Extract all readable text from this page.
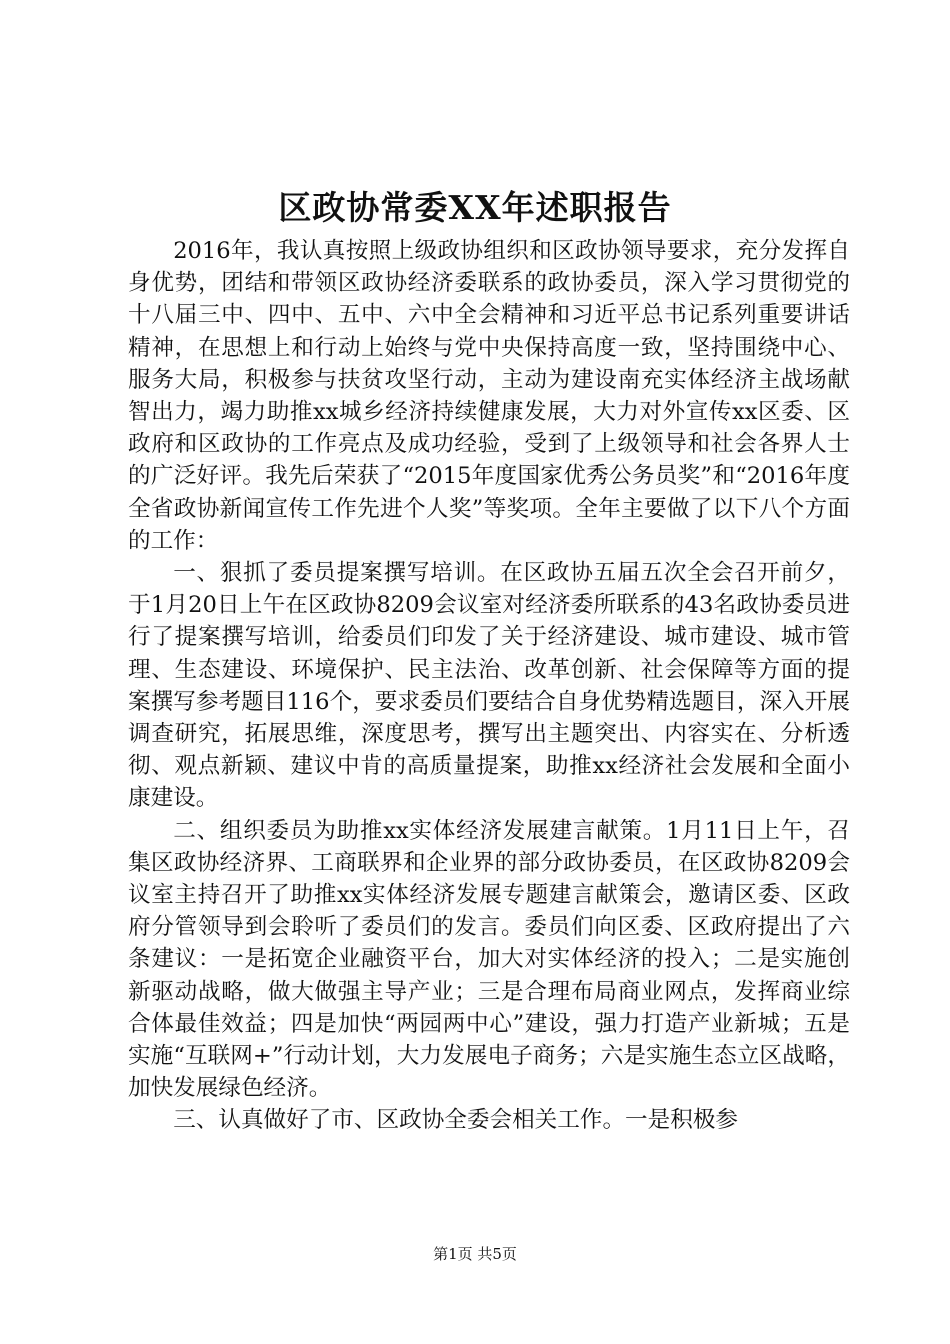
区政协常委XX年述职报告

2016年，我认真按照上级政协组织和区政协领导要求，充分发挥自身优势，团结和带领区政协经济委联系的政协委员，深入学习贯彻党的十八届三中、四中、五中、六中全会精神和习近平总书记系列重要讲话精神，在思想上和行动上始终与党中央保持高度一致，坚持围绕中心、服务大局，积极参与扶贫攻坚行动，主动为建设南充实体经济主战场献智出力，竭力助推xx城乡经济持续健康发展，大力对外宣传xx区委、区政府和区政协的工作亮点及成功经验，受到了上级领导和社会各界人士的广泛好评。我先后荣获了“2015年度国家优秀公务员奖”和“2016年度全省政协新闻宣传工作先进个人奖”等奖项。全年主要做了以下八个方面的工作：

一、狠抓了委员提案撰写培训。在区政协五届五次全会召开前夕，于1月20日上午在区政协8209会议室对经济委所联系的43名政协委员进行了提案撰写培训，给委员们印发了关于经济建设、城市建设、城市管理、生态建设、环境保护、民主法治、改革创新、社会保障等方面的提案撰写参考题目116个，要求委员们要结合自身优势精选题目，深入开展调查研究，拓展思维，深度思考，撰写出主题突出、内容实在、分析透彻、观点新颖、建议中肯的高质量提案，助推xx经济社会发展和全面小康建设。

二、组织委员为助推xx实体经济发展建言献策。1月11日上午，召集区政协经济界、工商联界和企业界的部分政协委员，在区政协8209会议室主持召开了助推xx实体经济发展专题建言献策会，邀请区委、区政府分管领导到会聆听了委员们的发言。委员们向区委、区政府提出了六条建议：一是拓宽企业融资平台，加大对实体经济的投入；二是实施创新驱动战略，做大做强主导产业；三是合理布局商业网点，发挥商业综合体最佳效益；四是加快“两园两中心”建设，强力打造产业新城；五是实施“互联网+”行动计划，大力发展电子商务；六是实施生态立区战略，加快发展绿色经济。

三、认真做好了市、区政协全委会相关工作。一是积极参

第1页 共5页
